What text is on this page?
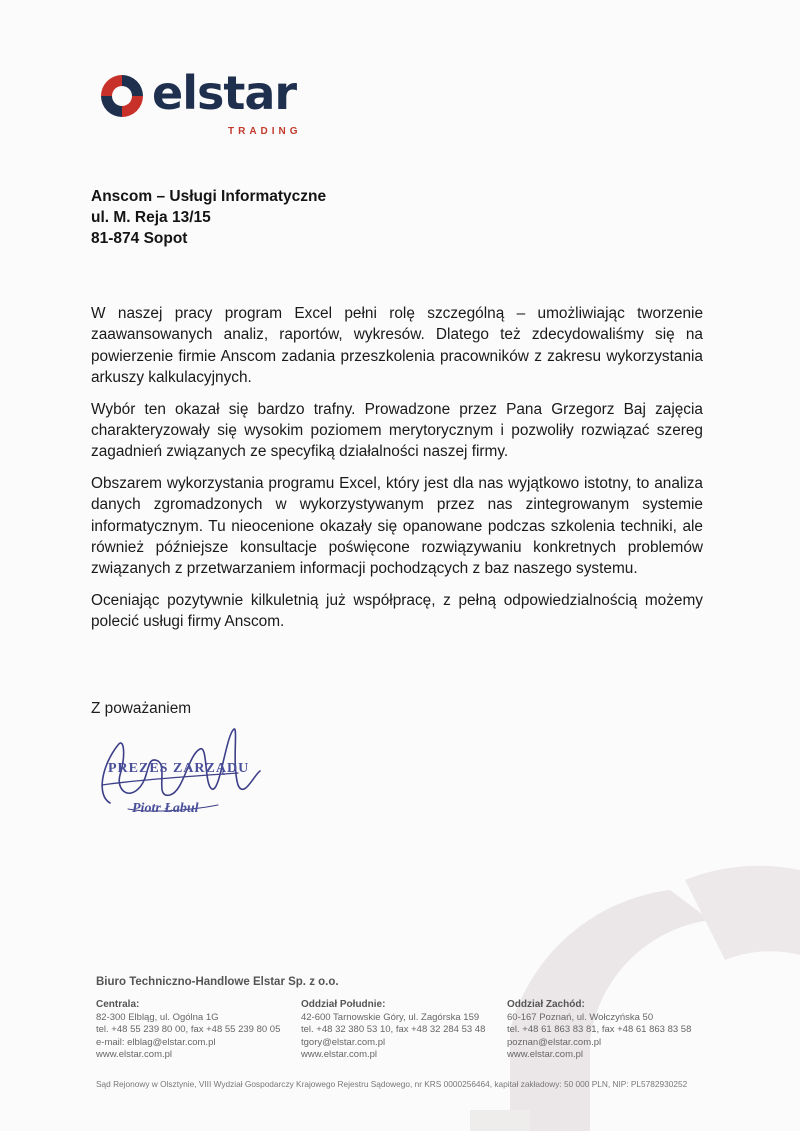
elstar
TRADING
Anscom – Usługi Informatyczne
ul. M. Reja 13/15
81-874 Sopot

W naszej pracy program Excel pełni rolę szczególną – umożliwiając tworzenie zaawansowanych analiz, raportów, wykresów. Dlatego też zdecydowaliśmy się na powierzenie firmie Anscom zadania przeszkolenia pracowników z zakresu wykorzystania arkuszy kalkulacyjnych.

Wybór ten okazał się bardzo trafny. Prowadzone przez Pana Grzegorz Baj zajęcia charakteryzowały się wysokim poziomem merytorycznym i pozwoliły rozwiązać szereg zagadnień związanych ze specyfiką działalności naszej firmy.

Obszarem wykorzystania programu Excel, który jest dla nas wyjątkowo istotny, to analiza danych zgromadzonych w wykorzystywanym przez nas zintegrowanym systemie informatycznym. Tu nieocenione okazały się opanowane podczas szkolenia techniki, ale również późniejsze konsultacje poświęcone rozwiązywaniu konkretnych problemów związanych z przetwarzaniem informacji pochodzących z baz naszego systemu.

Oceniając pozytywnie kilkuletnią już współpracę, z pełną odpowiedzialnością możemy polecić usługi firmy Anscom.

Z poważaniem
PREZES ZARZĄDU
Piotr Łabul
Biuro Techniczno-Handlowe Elstar Sp. z o.o.
Centrala:
82-300 Elbląg, ul. Ogólna 1G
tel. +48 55 239 80 00, fax +48 55 239 80 05
e-mail: elblag@elstar.com.pl
www.elstar.com.pl
Oddział Południe:
42-600 Tarnowskie Góry, ul. Zagórska 159
tel. +48 32 380 53 10, fax +48 32 284 53 48
tgory@elstar.com.pl
www.elstar.com.pl
Oddział Zachód:
60-167 Poznań, ul. Wołczyńska 50
tel. +48 61 863 83 81, fax +48 61 863 83 58
poznan@elstar.com.pl
www.elstar.com.pl
Sąd Rejonowy w Olsztynie, VIII Wydział Gospodarczy Krajowego Rejestru Sądowego, nr KRS 0000256464, kapitał zakładowy: 50 000 PLN, NIP: PL5782930252
